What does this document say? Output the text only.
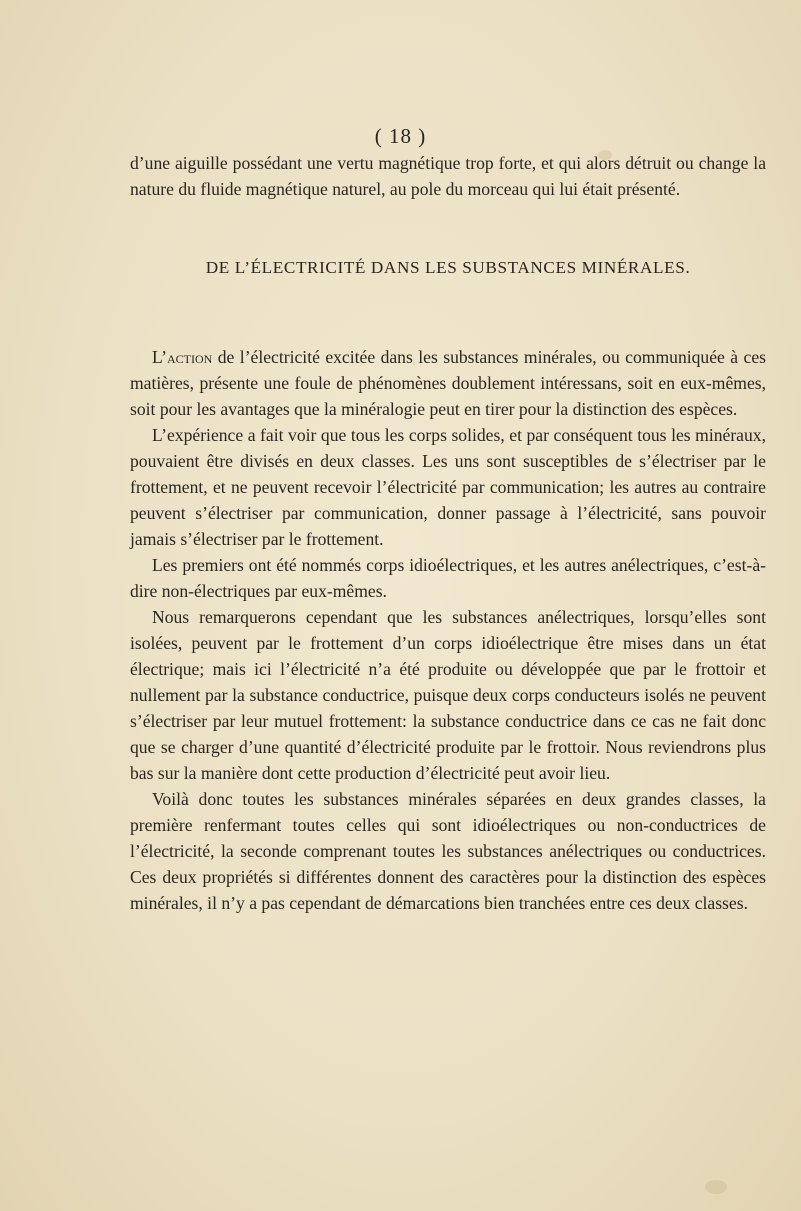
( 18 )

d’une aiguille possédant une vertu magnétique trop forte, et qui alors détruit ou change la nature du fluide magnétique naturel, au pole du morceau qui lui était présenté.

DE L’ÉLECTRICITÉ DANS LES SUBSTANCES MINÉRALES.

L’action de l’électricité excitée dans les substances minérales, ou communiquée à ces matières, présente une foule de phénomènes doublement intéressans, soit en eux-mêmes, soit pour les avantages que la minéralogie peut en tirer pour la distinction des espèces.

L’expérience a fait voir que tous les corps solides, et par conséquent tous les minéraux, pouvaient être divisés en deux classes. Les uns sont susceptibles de s’électriser par le frottement, et ne peuvent recevoir l’électricité par communication; les autres au contraire peuvent s’électriser par communication, donner passage à l’électricité, sans pouvoir jamais s’électriser par le frottement.

Les premiers ont été nommés corps idioélectriques, et les autres anélectriques, c’est-à-dire non-électriques par eux-mêmes.

Nous remarquerons cependant que les substances anélectriques, lorsqu’elles sont isolées, peuvent par le frottement d’un corps idioélectrique être mises dans un état électrique; mais ici l’électricité n’a été produite ou développée que par le frottoir et nullement par la substance conductrice, puisque deux corps conducteurs isolés ne peuvent s’électriser par leur mutuel frottement: la substance conductrice dans ce cas ne fait donc que se charger d’une quantité d’électricité produite par le frottoir. Nous reviendrons plus bas sur la manière dont cette production d’électricité peut avoir lieu.

Voilà donc toutes les substances minérales séparées en deux grandes classes, la première renfermant toutes celles qui sont idioélectriques ou non-conductrices de l’électricité, la seconde comprenant toutes les substances anélectriques ou conductrices. Ces deux propriétés si différentes donnent des caractères pour la distinction des espèces minérales, il n’y a pas cependant de démarcations bien tranchées entre ces deux classes.
